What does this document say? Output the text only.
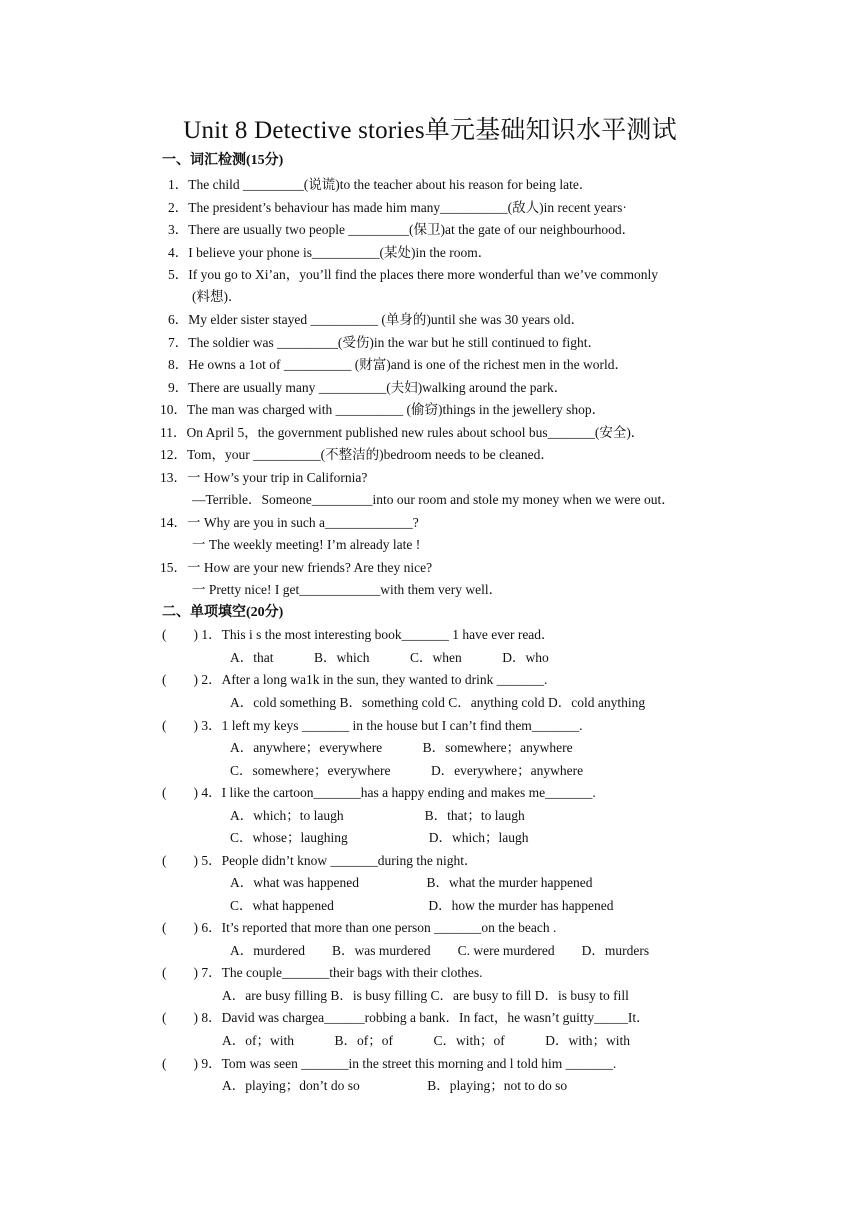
Unit 8 Detective stories单元基础知识水平测试
一、词汇检测(15分)
1．The child _________(说谎)to the teacher about his reason for being late．
2．The president’s behaviour has made him many__________(敌人)in recent years·
3．There are usually two people _________(保卫)at the gate of our neighbourhood．
4．I believe your phone is__________(某处)in the room．
5．If you go to Xi’an，you’ll find the places there more wonderful than we’ve commonly
(料想)．
6．My elder sister stayed __________ (单身的)until she was 30 years old．
7．The soldier was _________(受伤)in the war but he still continued to fight．
8．He owns a 1ot of __________ (财富)and is one of the richest men in the world．
9．There are usually many __________(夫妇)walking around the park．
10．The man was charged with __________ (偷窃)things in the jewellery shop．
11．On April 5，the government published new rules about school bus_______(安全)．
12．Tom，your __________(不整洁的)bedroom needs to be cleaned．
13．一 How’s your trip in California?
—Terrible．Someone_________into our room and stole my money when we were out．
14．一 Why are you in such a_____________?
一 The weekly meeting! I’m already late !
15．一 How are your new friends? Are they nice?
一 Pretty nice! I get____________with them very well．
二、单项填空(20分)
(　　) 1．This i s the most interesting book_______ 1 have ever read．
A．that　　　B．which　　　C．when　　　D．who
(　　) 2．After a long wa1k in the sun, they wanted to drink _______.
A．cold something B．something cold C．anything cold D．cold anything
(　　) 3．1 left my keys _______ in the house but I can’t find them_______.
A．anywhere；everywhere　　　B．somewhere；anywhere
C．somewhere；everywhere　　　D．everywhere；anywhere
(　　) 4．I like the cartoon_______has a happy ending and makes me_______.
A．which；to laugh　　　　　　B．that；to laugh
C．whose；laughing　　　　　　D．which；laugh
(　　) 5．People didn’t know _______during the night．
A．what was happened　　　　　B．what the murder happened
C．what happened　　　　　　　D．how the murder has happened
(　　) 6．It’s reported that more than one person _______on the beach .
A．murdered　　B．was murdered　　C. were murdered　　D．murders
(　　) 7．The couple_______their bags with their clothes.
A．are busy filling B．is busy filling C．are busy to fill D．is busy to fill
(　　) 8．David was chargea______robbing a bank．In fact，he wasn’t guitty_____It．
A．of；with　　　B．of；of　　　C．with；of　　　D．with；with
(　　) 9．Tom was seen _______in the street this morning and l told him _______.
A．playing；don’t do so　　　　　B．playing；not to do so
